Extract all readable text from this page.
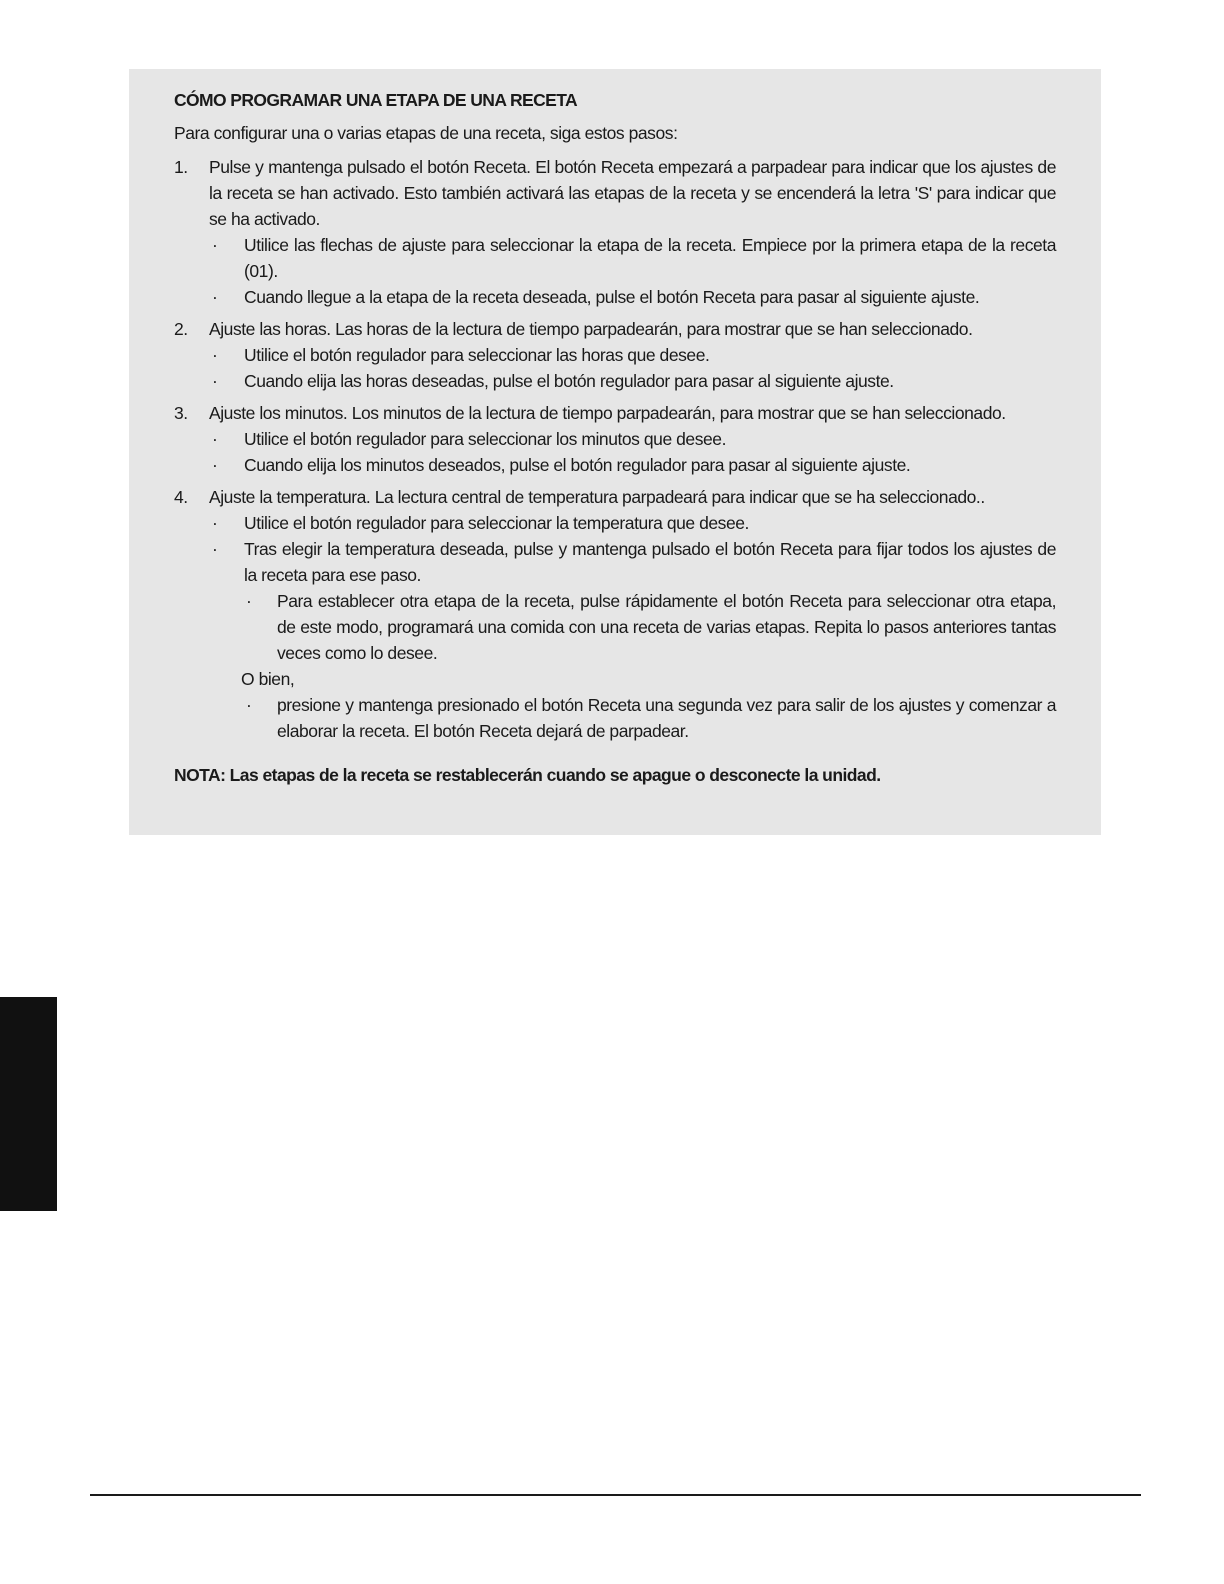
CÓMO PROGRAMAR UNA ETAPA DE UNA RECETA
Para configurar una o varias etapas de una receta, siga estos pasos:
1. Pulse y mantenga pulsado el botón Receta. El botón Receta empezará a parpadear para indicar que los ajustes de la receta se han activado. Esto también activará las etapas de la receta y se encenderá la letra 'S' para indicar que se ha activado.
· Utilice las flechas de ajuste para seleccionar la etapa de la receta. Empiece por la primera etapa de la receta (01).
· Cuando llegue a la etapa de la receta deseada, pulse el botón Receta para pasar al siguiente ajuste.
2. Ajuste las horas. Las horas de la lectura de tiempo parpadearán, para mostrar que se han seleccionado.
· Utilice el botón regulador para seleccionar las horas que desee.
· Cuando elija las horas deseadas, pulse el botón regulador para pasar al siguiente ajuste.
3. Ajuste los minutos. Los minutos de la lectura de tiempo parpadearán, para mostrar que se han seleccionado.
· Utilice el botón regulador para seleccionar los minutos que desee.
· Cuando elija los minutos deseados, pulse el botón regulador para pasar al siguiente ajuste.
4. Ajuste la temperatura. La lectura central de temperatura parpadeará para indicar que se ha seleccionado..
· Utilice el botón regulador para seleccionar la temperatura que desee.
· Tras elegir la temperatura deseada, pulse y mantenga pulsado el botón Receta para fijar todos los ajustes de la receta para ese paso.
· Para establecer otra etapa de la receta, pulse rápidamente el botón Receta para seleccionar otra etapa, de este modo, programará una comida con una receta de varias etapas. Repita lo pasos anteriores tantas veces como lo desee.
O bien,
· presione y mantenga presionado el botón Receta una segunda vez para salir de los ajustes y comenzar a elaborar la receta. El botón Receta dejará de parpadear.
NOTA: Las etapas de la receta se restablecerán cuando se apague o desconecte la unidad.
